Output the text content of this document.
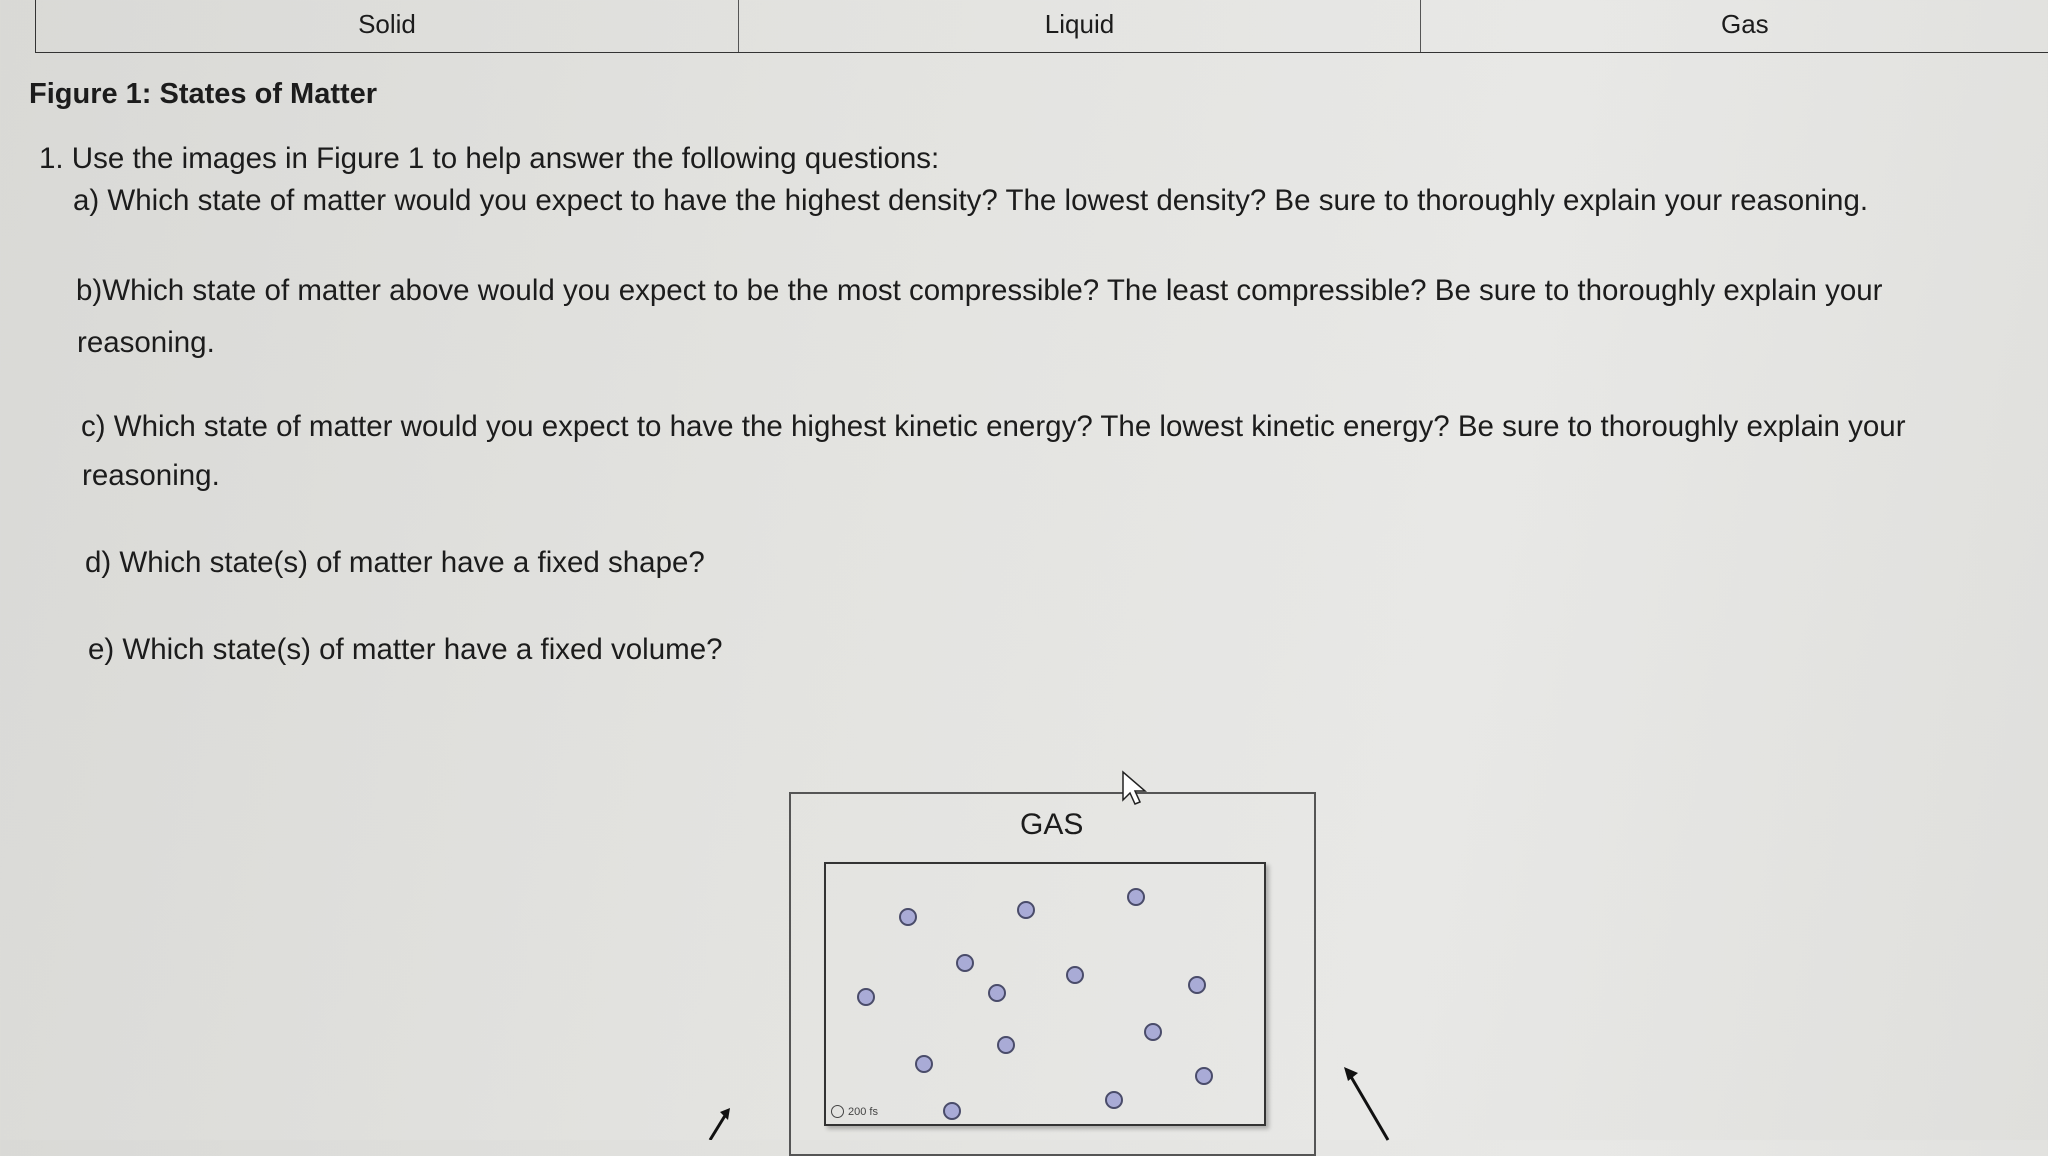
Solid	Liquid	Gas
Figure 1: States of Matter
1. Use the images in Figure 1 to help answer the following questions:
a) Which state of matter would you expect to have the highest density? The lowest density? Be sure to thoroughly explain your reasoning.
b)Which state of matter above would you expect to be the most compressible? The least compressible? Be sure to thoroughly explain your
reasoning.
c) Which state of matter would you expect to have the highest kinetic energy? The lowest kinetic energy? Be sure to thoroughly explain your
reasoning.
d) Which state(s) of matter have a fixed shape?
e) Which state(s) of matter have a fixed volume?
GAS
200 fs
